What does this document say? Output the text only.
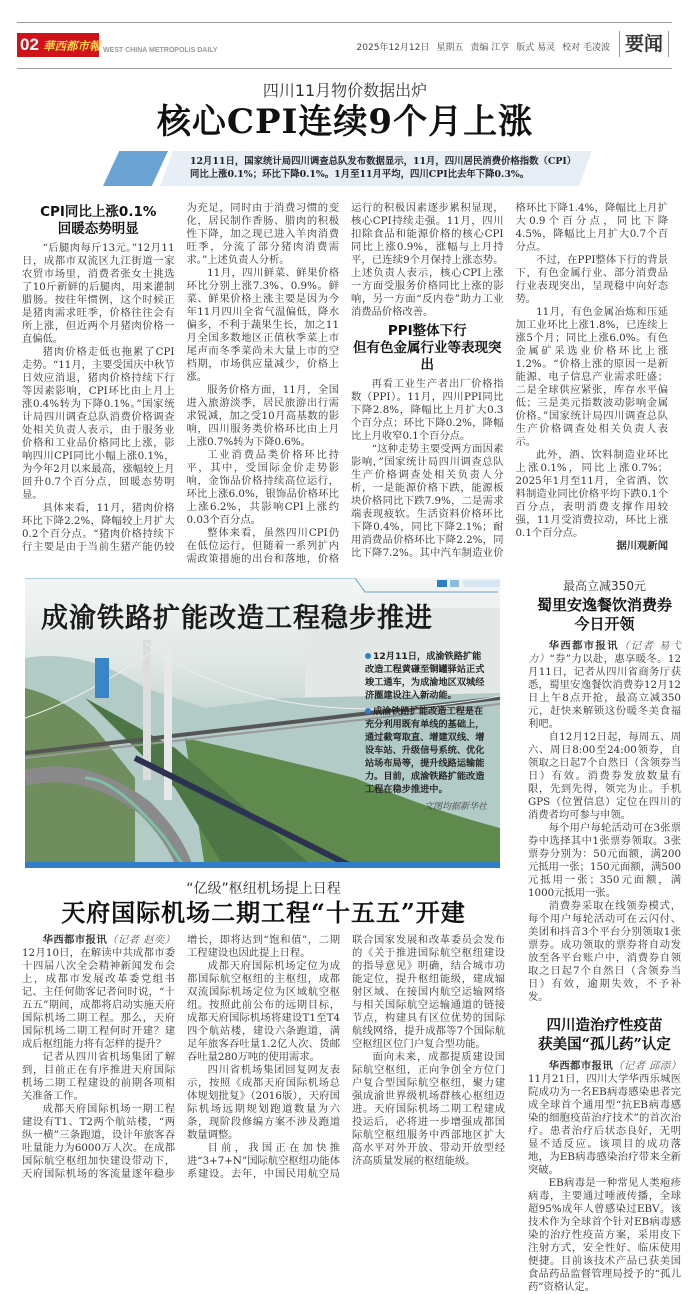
02 華西都市報 WEST CHINA METROPOLIS DAILY	2025年12月12日 星期五 责编 江亨 版式 易灵 校对 毛凌波 要闻
四川11月物价数据出炉
核心CPI连续9个月上涨
12月11日，国家统计局四川调查总队发布数据显示，11月，四川居民消费价格指数（CPI）同比上涨0.1%；环比下降0.1%。1月至11月平均，四川CPI比去年下降0.3%。
CPI同比上涨0.1%
回暖态势明显

“后腿肉每斤13元。”12月11日，成都市双流区九江街道一家农贸市场里，消费者张女士挑选了10斤新鲜的后腿肉，用来灌制腊肠。按往年惯例，这个时候正是猪肉需求旺季，价格往往会有所上涨，但近两个月猪肉价格一直偏低。

猪肉价格走低也拖累了CPI走势。“11月，主要受国庆中秋节日效应消退，猪肉价格持续下行等因素影响，CPI环比由上月上涨0.4%转为下降0.1%。”国家统计局四川调查总队消费价格调查处相关负责人表示，由于服务业价格和工业品价格同比上涨，影响四川CPI同比小幅上涨0.1%，为今年2月以来最高，涨幅较上月回升0.7个百分点，回暖态势明显。

具体来看，11月，猪肉价格环比下降2.2%，降幅较上月扩大0.2个百分点。“猪肉价格持续下行主要是由于当前生猪产能仍较为充足，同时由于消费习惯的变化，居民制作香肠、腊肉的积极性下降，加之现已进入羊肉消费旺季，分流了部分猪肉消费需求。”上述负责人分析。

11月，四川鲜菜、鲜果价格环比分别上涨7.3%、0.9%。鲜菜、鲜果价格上涨主要是因为今年11月四川全省气温偏低，降水偏多，不利于蔬果生长，加之11月全国多数地区正值秋季菜上市尾声而冬季菜尚未大量上市的空档期，市场供应量减少，价格上涨。

服务价格方面，11月，全国进入旅游淡季，居民旅游出行需求锐减，加之受10月高基数的影响，四川服务类价格环比由上月上涨0.7%转为下降0.6%。

工业消费品类价格环比持平，其中，受国际金价走势影响，金饰品价格持续高位运行，环比上涨6.0%，银饰品价格环比上涨6.2%，共影响CPI上涨约0.03个百分点。

整体来看，虽然四川CPI仍在低位运行，但随着一系列扩内需政策措施的出台和落地，价格运行的积极因素逐步累积显现，核心CPI持续走强。11月，四川扣除食品和能源价格的核心CPI同比上涨0.9%，涨幅与上月持平，已连续9个月保持上涨态势。上述负责人表示，核心CPI上涨一方面受服务价格同比上涨的影响，另一方面“反内卷”助力工业消费品价格改善。

PPI整体下行
但有色金属行业等表现突出

再看工业生产者出厂价格指数（PPI）。11月，四川PPI同比下降2.8%，降幅比上月扩大0.3个百分点；环比下降0.2%，降幅比上月收窄0.1个百分点。

“这种走势主要受两方面因素影响，”国家统计局四川调查总队生产价格调查处相关负责人分析，一是能源价格下跌，能源板块价格同比下跌7.9%，二是需求端表现疲软。生活资料价格环比下降0.4%，同比下降2.1%；耐用消费品价格环比下降2.2%，同比下降7.2%。其中汽车制造业价格环比下降1.4%，降幅比上月扩大0.9个百分点，同比下降4.5%，降幅比上月扩大0.7个百分点。

不过，在PPI整体下行的背景下，有色金属行业、部分消费品行业表现突出，呈现稳中向好态势。

11月，有色金属冶炼和压延加工业环比上涨1.8%，已连续上涨5个月；同比上涨6.0%。有色金属矿采选业价格环比上涨1.2%。“价格上涨的原因一是新能源、电子信息产业需求旺盛；二是全球供应紧张，库存水平偏低；三是美元指数波动影响金属价格。”国家统计局四川调查总队生产价格调查处相关负责人表示。

此外，酒、饮料制造业环比上涨0.1%，同比上涨0.7%；2025年1月至11月，全省酒、饮料制造业同比价格平均下跌0.1个百分点，表明消费支撑作用较强，11月受消费拉动，环比上涨0.1个百分点。

据川观新闻

成渝铁路扩能改造工程稳步推进

12月11日，成渝铁路扩能改造工程黄磏至铜罐驿站正式竣工通车，为成渝地区双城经济圈建设注入新动能。

成渝铁路扩能改造工程是在充分利用既有单线的基础上，通过截弯取直、增建双线、增设车站、升级信号系统、优化站场布局等，提升线路运输能力。目前，成渝铁路扩能改造工程在稳步推进中。

文图均据新华社

“亿级”枢纽机场提上日程
天府国际机场二期工程“十五五”开建

华西都市报讯（记者 赵奕）12月10日，在解读中共成都市委十四届八次全会精神新闻发布会上，成都市发展改革委党组书记、主任何勋客记者问时说，“十五五”期间，成都将启动实施天府国际机场二期工程。那么，天府国际机场二期工程何时开建？建成后枢纽能力将有怎样的提升？

记者从四川省机场集团了解到，目前正在有序推进天府国际机场二期工程建设的前期各项相关准备工作。

成都天府国际机场一期工程建设有T1、T2两个航站楼，“两纵一横”三条跑道，设计年旅客吞吐量能力为6000万人次。在成都国际航空枢纽加快建设带动下，天府国际机场的客流量逐年稳步增长，即将达到“饱和值”，二期工程建设也因此提上日程。

成都天府国际机场定位为成都国际航空枢纽的主枢纽，成都双流国际机场定位为区域航空枢纽。按照此前公布的远期目标，成都天府国际机场将建设T1至T4四个航站楼，建设六条跑道，满足年旅客吞吐量1.2亿人次、货邮吞吐量280万吨的使用需求。

四川省机场集团回复网友表示，按照《成都天府国际机场总体规划批复》（2016版），天府国际机场远期规划跑道数量为六条，现阶段修编方案不涉及跑道数量调整。

目前，我国正在加快推进“3+7+N”国际航空枢纽功能体系建设。去年，中国民用航空局联合国家发展和改革委员会发布的《关于推进国际航空枢纽建设的指导意见》明确，结合城市功能定位，提升枢纽能级，建成辐射区域、在接国内航空运输网络与相关国际航空运输通道的链接节点，构建具有区位优势的国际航线网络，提升成都等7个国际航空枢纽区位门户复合型功能。

面向未来，成都提质建设国际航空枢纽，正向争创全方位门户复合型国际航空枢纽，聚力建强成渝世界级机场群核心枢纽迈进。天府国际机场二期工程建成投运后，必将进一步增强成都国际航空枢纽服务中西部地区扩大高水平对外开放、带动开放型经济高质量发展的枢纽能级。

最高立减350元
蜀里安逸餐饮消费券
今日开领

华西都市报讯（记者 易弋力）“券”力以赴，惠享暖冬。12月11日，记者从四川省商务厅获悉，蜀里安逸餐饮消费券12月12日上午8点开抢，最高立减350元，赶快来解锁这份暖冬美食福利吧。

自12月12日起，每周五、周六、周日8:00至24:00领券，自领取之日起7个自然日（含领券当日）有效。消费券发放数量有限，先到先得，领完为止。手机GPS（位置信息）定位在四川的消费者均可参与申领。

每个用户每轮活动可在3张票券中选择其中1张票券领取。3张票券分别为：50元面额，满200元抵用一张；150元面额，满500元抵用一张；350元面额，满1000元抵用一张。

消费券采取在线领券模式，每个用户每轮活动可在云闪付、美团和抖音3个平台分别领取1张票券。成功领取的票券将自动发放至各平台账户中，消费券自领取之日起7个自然日（含领券当日）有效，逾期失效，不予补发。

四川造治疗性疫苗
获美国“孤儿药”认定

华西都市报讯（记者 邱添）11月21日，四川大学华西乐城医院成功为一名EB病毒感染患者完成全球首个通用型“抗EB病毒感染的细胞疫苗治疗技术”的首次治疗。患者治疗后状态良好，无明显不适反应。该项目的成功落地，为EB病毒感染治疗带来全新突破。

EB病毒是一种常见人类疱疹病毒，主要通过唾液传播，全球超95%成年人曾感染过EBV。该技术作为全球首个针对EB病毒感染的治疗性疫苗方案，采用皮下注射方式，安全性好、临床使用便捷。目前该技术产品已获美国食品药品监督管理局授予的“孤儿药”资格认定。
